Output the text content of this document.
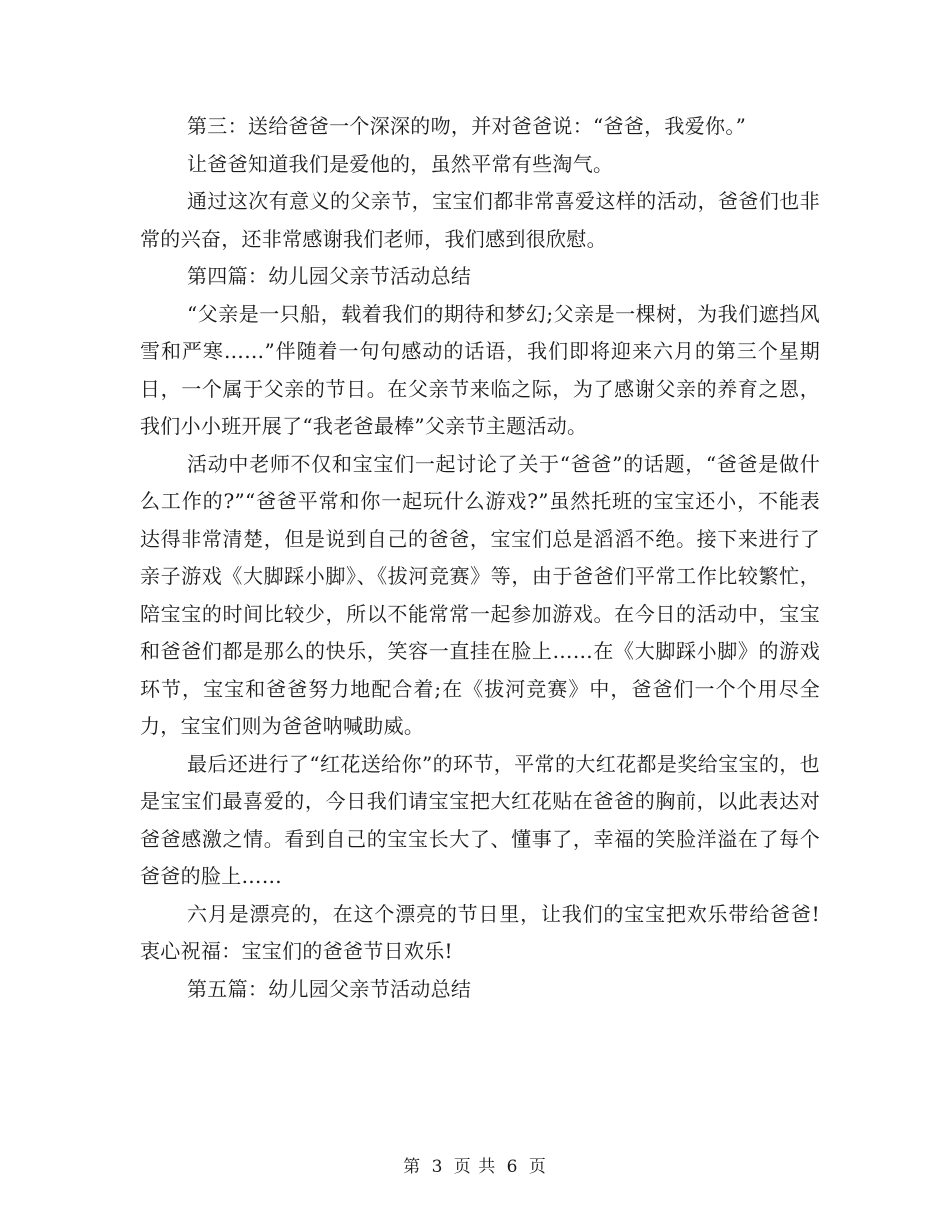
第三：送给爸爸一个深深的吻，并对爸爸说：“爸爸，我爱你。”

让爸爸知道我们是爱他的，虽然平常有些淘气。

通过这次有意义的父亲节，宝宝们都非常喜爱这样的活动，爸爸们也非常的兴奋，还非常感谢我们老师，我们感到很欣慰。

第四篇：幼儿园父亲节活动总结

“父亲是一只船，载着我们的期待和梦幻;父亲是一棵树，为我们遮挡风雪和严寒……”伴随着一句句感动的话语，我们即将迎来六月的第三个星期日，一个属于父亲的节日。在父亲节来临之际，为了感谢父亲的养育之恩，我们小小班开展了“我老爸最棒”父亲节主题活动。

活动中老师不仅和宝宝们一起讨论了关于“爸爸”的话题，“爸爸是做什么工作的?”“爸爸平常和你一起玩什么游戏?”虽然托班的宝宝还小，不能表达得非常清楚，但是说到自己的爸爸，宝宝们总是滔滔不绝。接下来进行了亲子游戏《大脚踩小脚》、《拔河竞赛》等，由于爸爸们平常工作比较繁忙，陪宝宝的时间比较少，所以不能常常一起参加游戏。在今日的活动中，宝宝和爸爸们都是那么的快乐，笑容一直挂在脸上……在《大脚踩小脚》的游戏环节，宝宝和爸爸努力地配合着;在《拔河竞赛》中，爸爸们一个个用尽全力，宝宝们则为爸爸呐喊助威。

最后还进行了“红花送给你”的环节，平常的大红花都是奖给宝宝的，也是宝宝们最喜爱的，今日我们请宝宝把大红花贴在爸爸的胸前，以此表达对爸爸感激之情。看到自己的宝宝长大了、懂事了，幸福的笑脸洋溢在了每个爸爸的脸上……

六月是漂亮的，在这个漂亮的节日里，让我们的宝宝把欢乐带给爸爸!衷心祝福：宝宝们的爸爸节日欢乐!

第五篇：幼儿园父亲节活动总结

第 3 页 共 6 页
